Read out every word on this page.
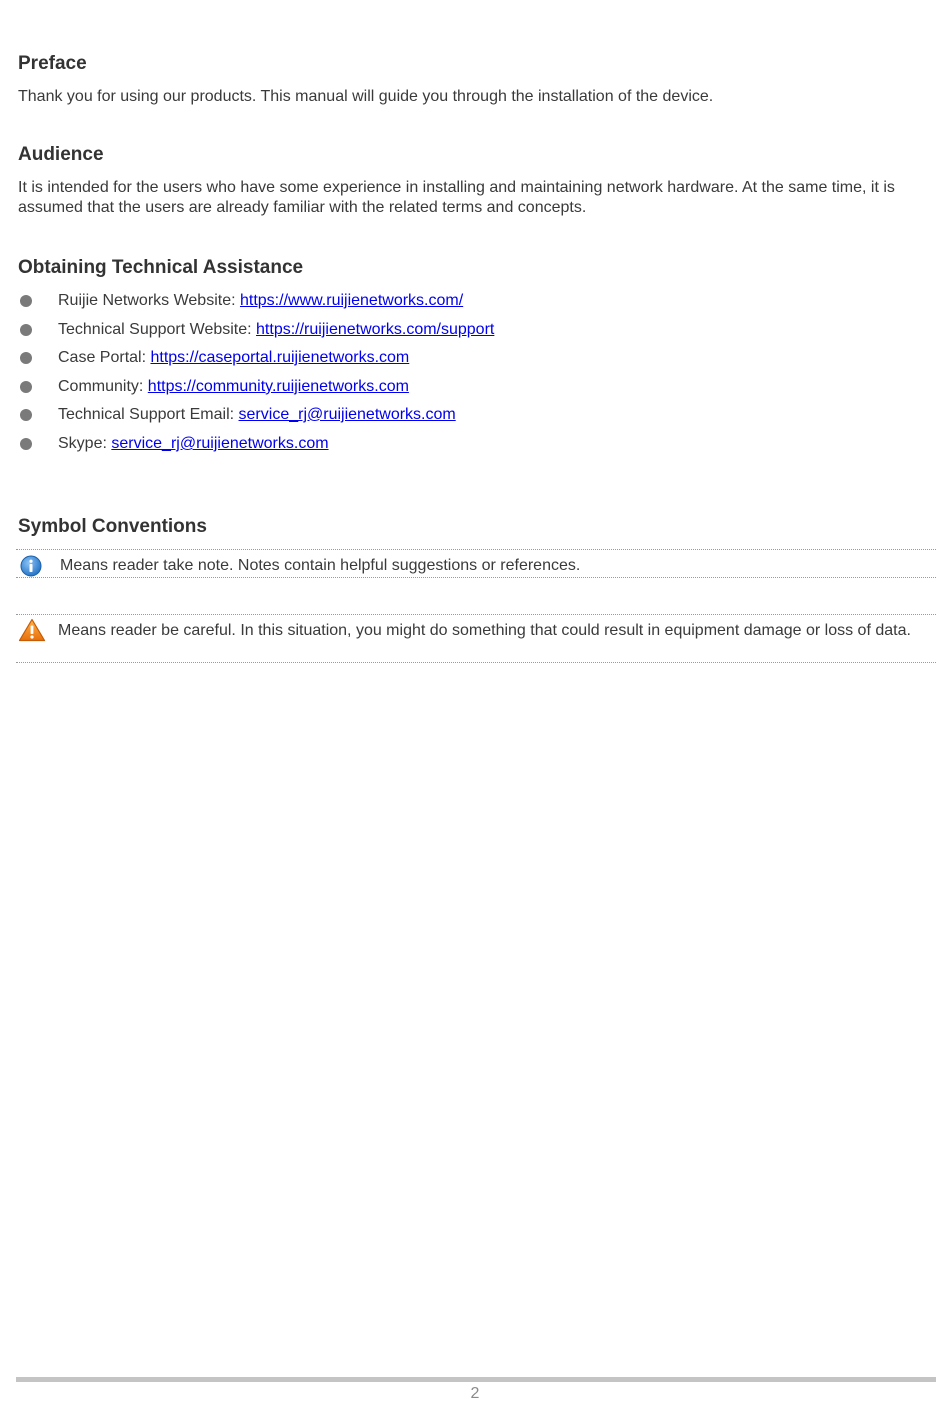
Preface

Thank you for using our products. This manual will guide you through the installation of the device.

Audience

It is intended for the users who have some experience in installing and maintaining network hardware. At the same time, it is assumed that the users are already familiar with the related terms and concepts.

Obtaining Technical Assistance
Ruijie Networks Website: https://www.ruijienetworks.com/
Technical Support Website: https://ruijienetworks.com/support
Case Portal: https://caseportal.ruijienetworks.com
Community: https://community.ruijienetworks.com
Technical Support Email: service_rj@ruijienetworks.com
Skype: service_rj@ruijienetworks.com
Symbol Conventions
Means reader take note. Notes contain helpful suggestions or references.
Means reader be careful. In this situation, you might do something that could result in equipment damage or loss of data.
2
